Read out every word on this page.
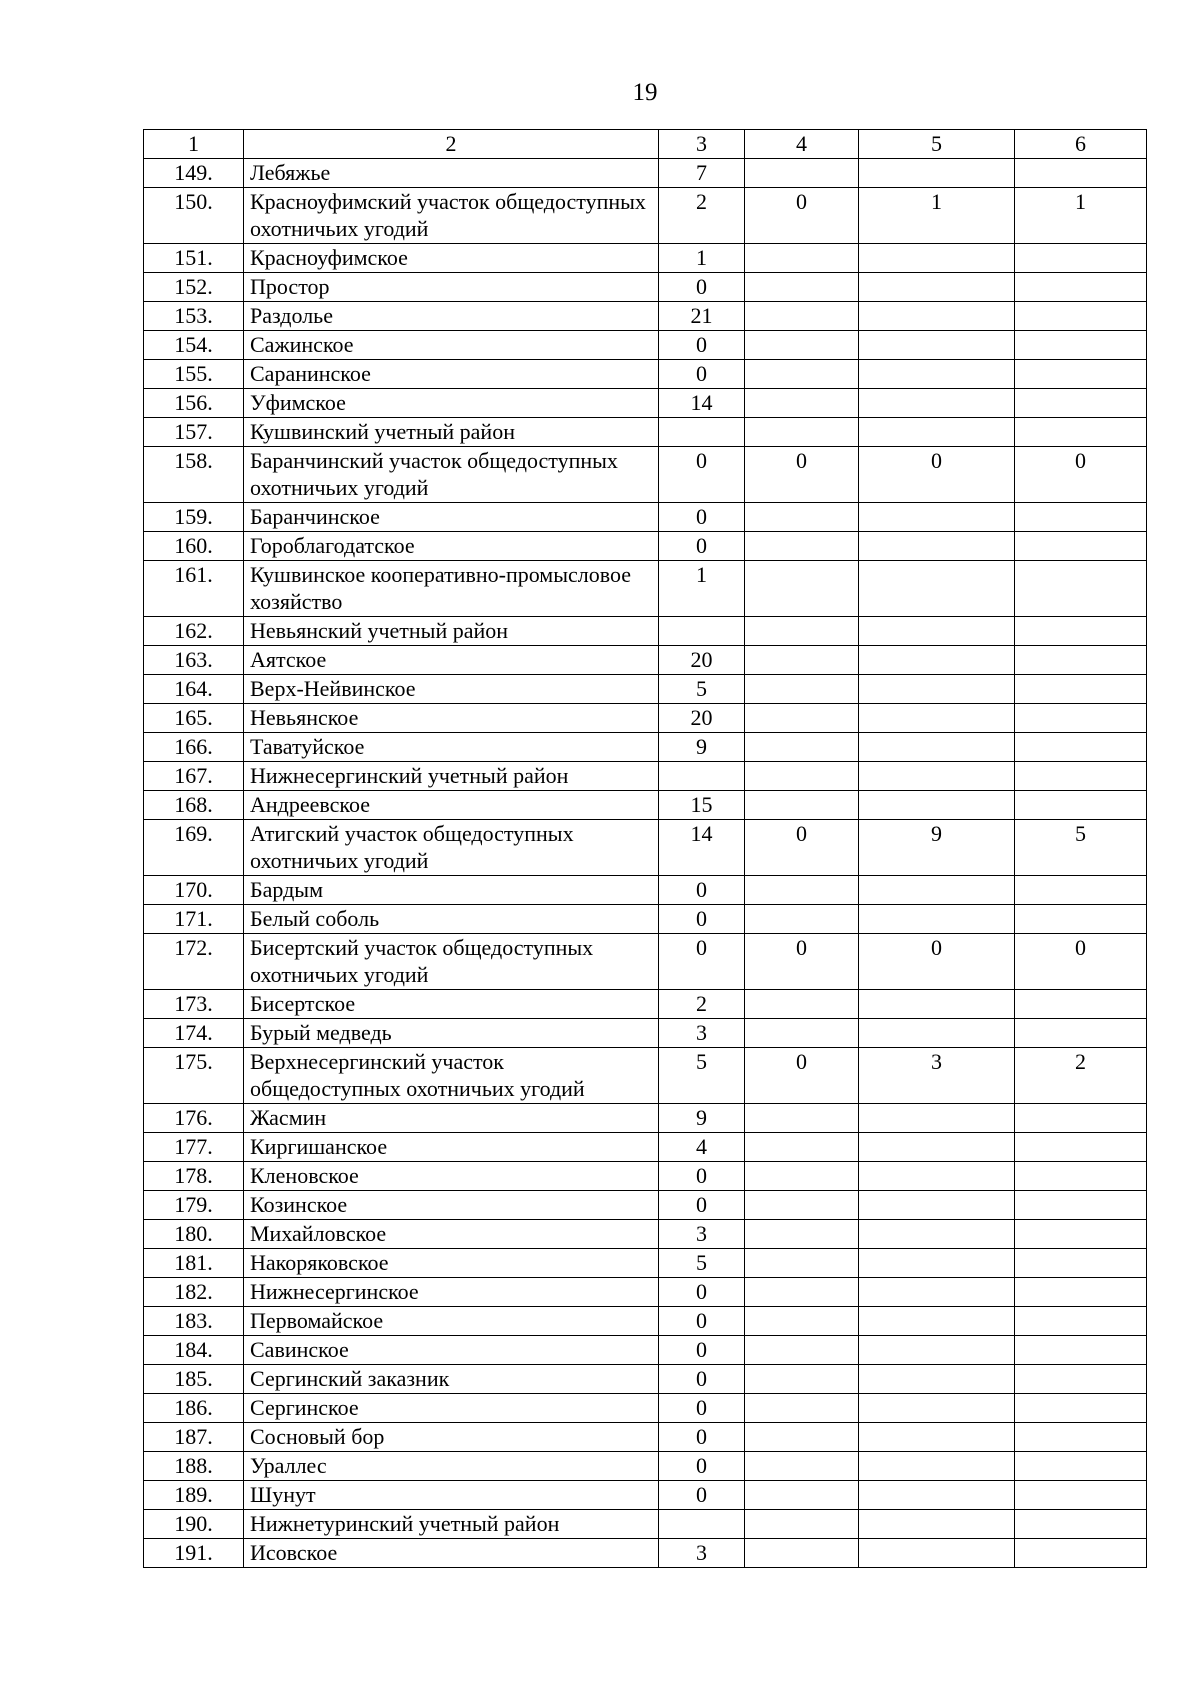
19
1	2	3	4	5	6
149.	Лебяжье	7			
150.	Красноуфимский участок общедоступных охотничьих угодий	2	0	1	1
151.	Красноуфимское	1			
152.	Простор	0			
153.	Раздолье	21			
154.	Сажинское	0			
155.	Саранинское	0			
156.	Уфимское	14			
157.	Кушвинский учетный район				
158.	Баранчинский участок общедоступных охотничьих угодий	0	0	0	0
159.	Баранчинское	0			
160.	Гороблагодатское	0			
161.	Кушвинское кооперативно-промысловое хозяйство	1			
162.	Невьянский учетный район				
163.	Аятское	20			
164.	Верх-Нейвинское	5			
165.	Невьянское	20			
166.	Таватуйское	9			
167.	Нижнесергинский учетный район				
168.	Андреевское	15			
169.	Атигский участок общедоступных охотничьих угодий	14	0	9	5
170.	Бардым	0			
171.	Белый соболь	0			
172.	Бисертский участок общедоступных охотничьих угодий	0	0	0	0
173.	Бисертское	2			
174.	Бурый медведь	3			
175.	Верхнесергинский участок общедоступных охотничьих угодий	5	0	3	2
176.	Жасмин	9			
177.	Киргишанское	4			
178.	Кленовское	0			
179.	Козинское	0			
180.	Михайловское	3			
181.	Накоряковское	5			
182.	Нижнесергинское	0			
183.	Первомайское	0			
184.	Савинское	0			
185.	Сергинский заказник	0			
186.	Сергинское	0			
187.	Сосновый бор	0			
188.	Ураллес	0			
189.	Шунут	0			
190.	Нижнетуринский учетный район				
191.	Исовское	3			
